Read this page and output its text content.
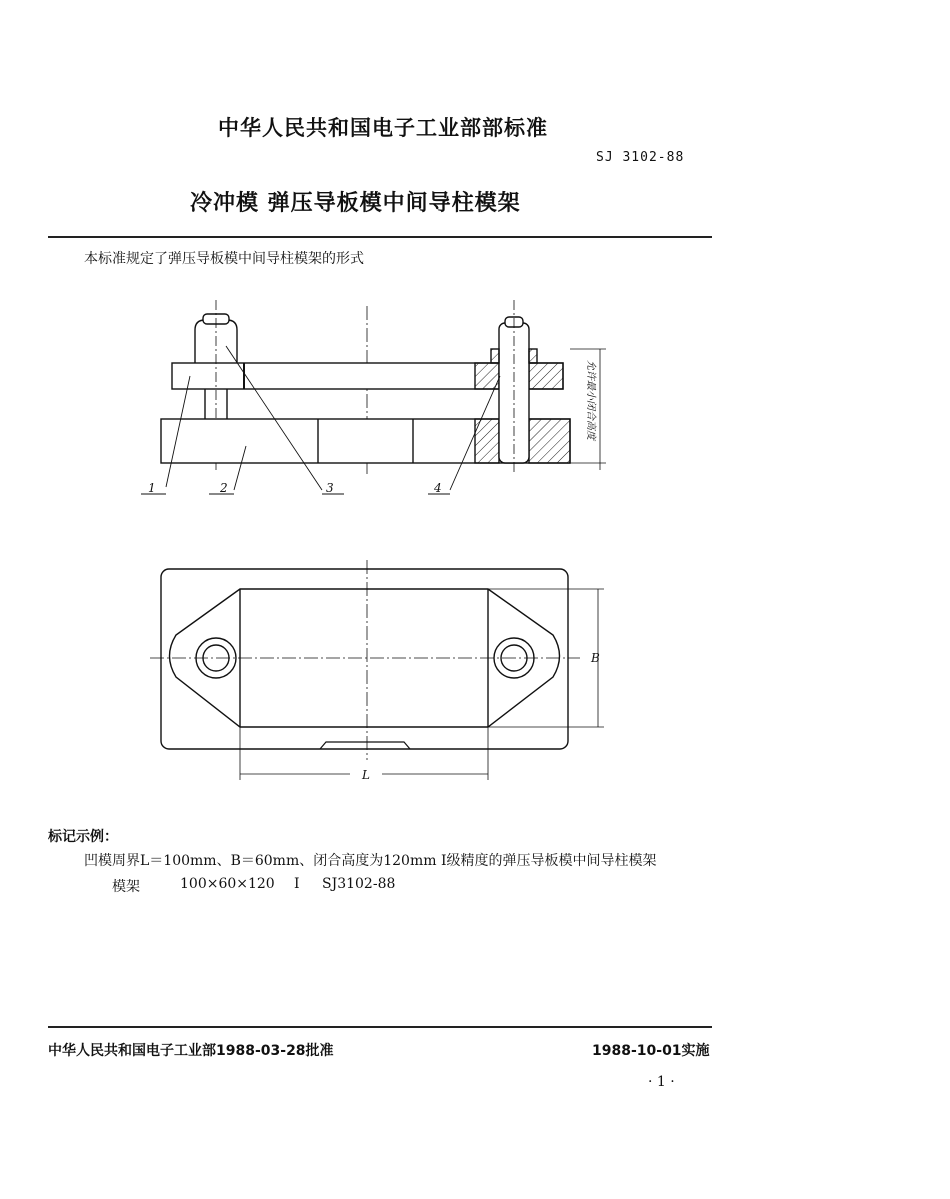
中华人民共和国电子工业部部标准
SJ 3102-88
冷冲模 弹压导板模中间导柱模架
本标准规定了弹压导板模中间导柱模架的形式
1	2	3	4
允许最小闭合高度
B
L
标记示例：
凹模周界L＝100mm、B＝60mm、闭合高度为120mm Ⅰ级精度的弹压导板模中间导柱模架
模架	100×60×120 Ⅰ SJ3102-88
中华人民共和国电子工业部1988-03-28批准	1988-10-01实施
· 1 ·
